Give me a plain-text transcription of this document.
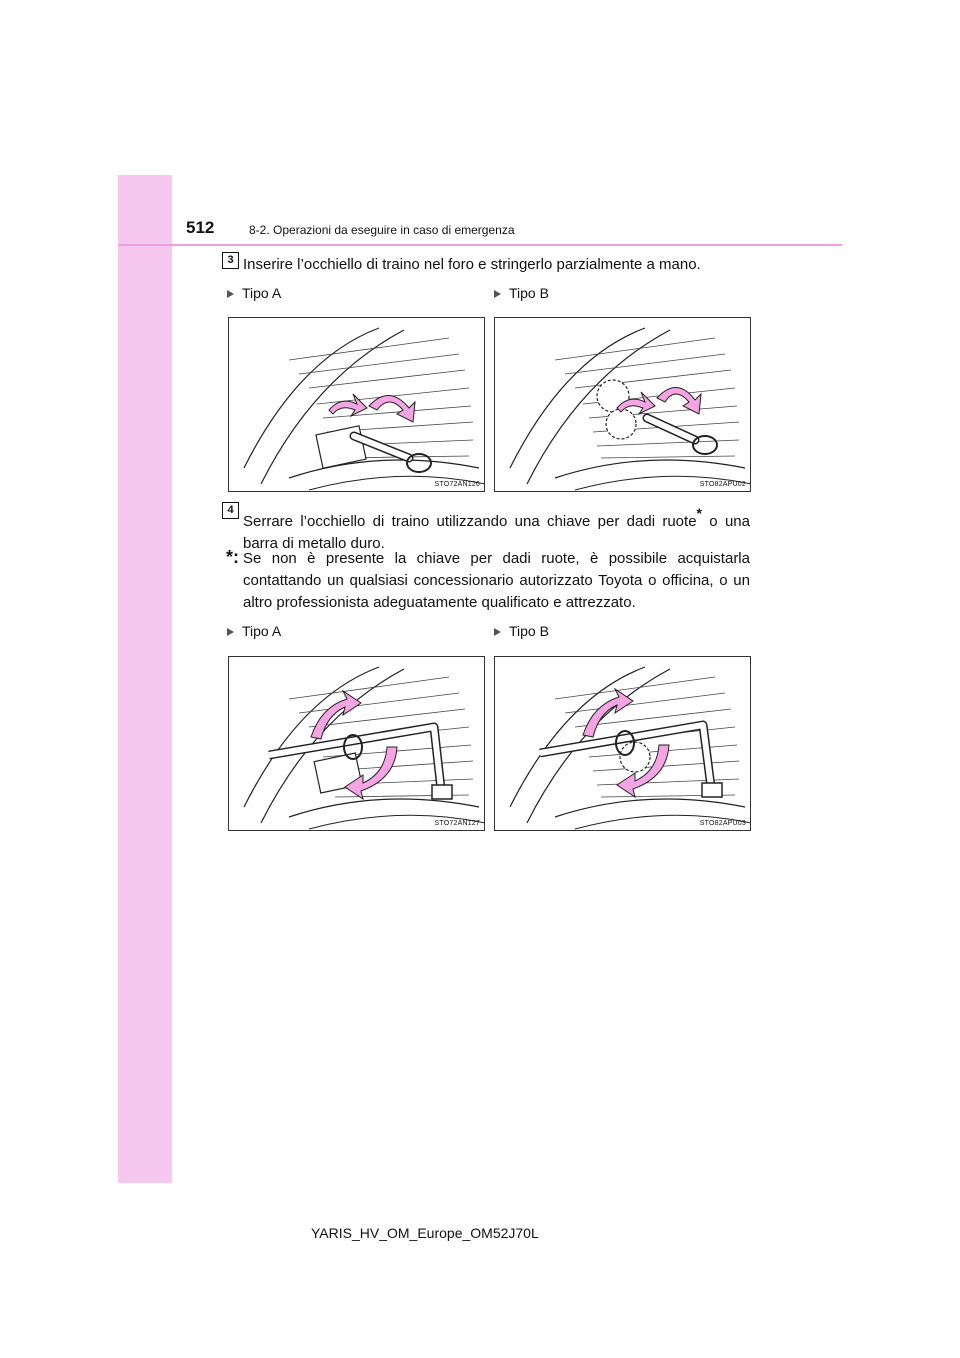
512	8-2. Operazioni da eseguire in caso di emergenza
3 Inserire l’occhiello di traino nel foro e stringerlo parzialmente a mano.
Tipo A	Tipo B
STO72AN126	STO82APU02
4
Serrare l’occhiello di traino utilizzando una chiave per dadi ruote* o una barra di metallo duro.
*: Se non è presente la chiave per dadi ruote, è possibile acquistarla contattando un qualsiasi concessionario autorizzato Toyota o officina, o un altro professionista adeguatamente qualificato e attrezzato.
Tipo A	Tipo B
STO72AN127	STO82APU03
YARIS_HV_OM_Europe_OM52J70L
